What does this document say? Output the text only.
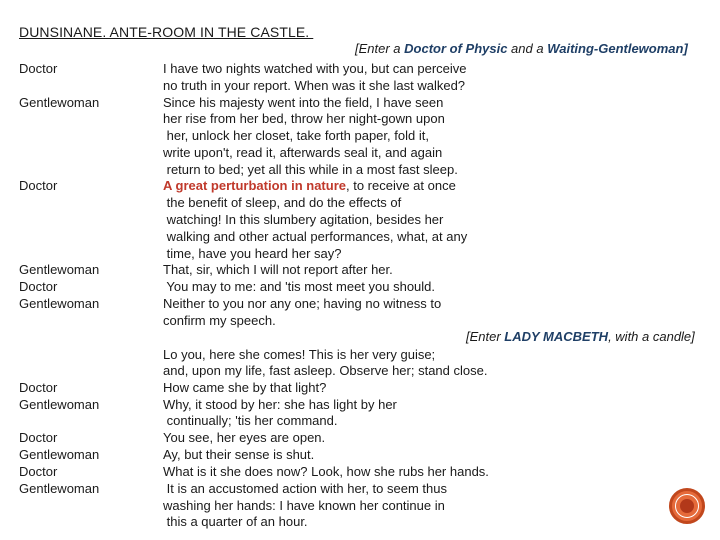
DUNSINANE. ANTE-ROOM IN THE CASTLE.
[Enter a Doctor of Physic and a Waiting-Gentlewoman]
Doctor
Gentlewoman
Doctor
Gentlewoman
Doctor
Gentlewoman
Doctor
Gentlewoman
Doctor
Gentlewoman
Doctor
Gentlewoman
I have two nights watched with you, but can perceive
no truth in your report. When was it she last walked?
Since his majesty went into the field, I have seen
her rise from her bed, throw her night-gown upon
her, unlock her closet, take forth paper, fold it,
write upon't, read it, afterwards seal it, and again
return to bed; yet all this while in a most fast sleep.
A great perturbation in nature, to receive at once
the benefit of sleep, and do the effects of
watching! In this slumbery agitation, besides her
walking and other actual performances, what, at any
time, have you heard her say?
That, sir, which I will not report after her.
You may to me: and 'tis most meet you should.
Neither to you nor any one; having no witness to
confirm my speech.
[Enter LADY MACBETH, with a candle]
Lo you, here she comes! This is her very guise;
and, upon my life, fast asleep. Observe her; stand close.
How came she by that light?
Why, it stood by her: she has light by her
continually; 'tis her command.
You see, her eyes are open.
Ay, but their sense is shut.
What is it she does now? Look, how she rubs her hands.
It is an accustomed action with her, to seem thus
washing her hands: I have known her continue in
this a quarter of an hour.
